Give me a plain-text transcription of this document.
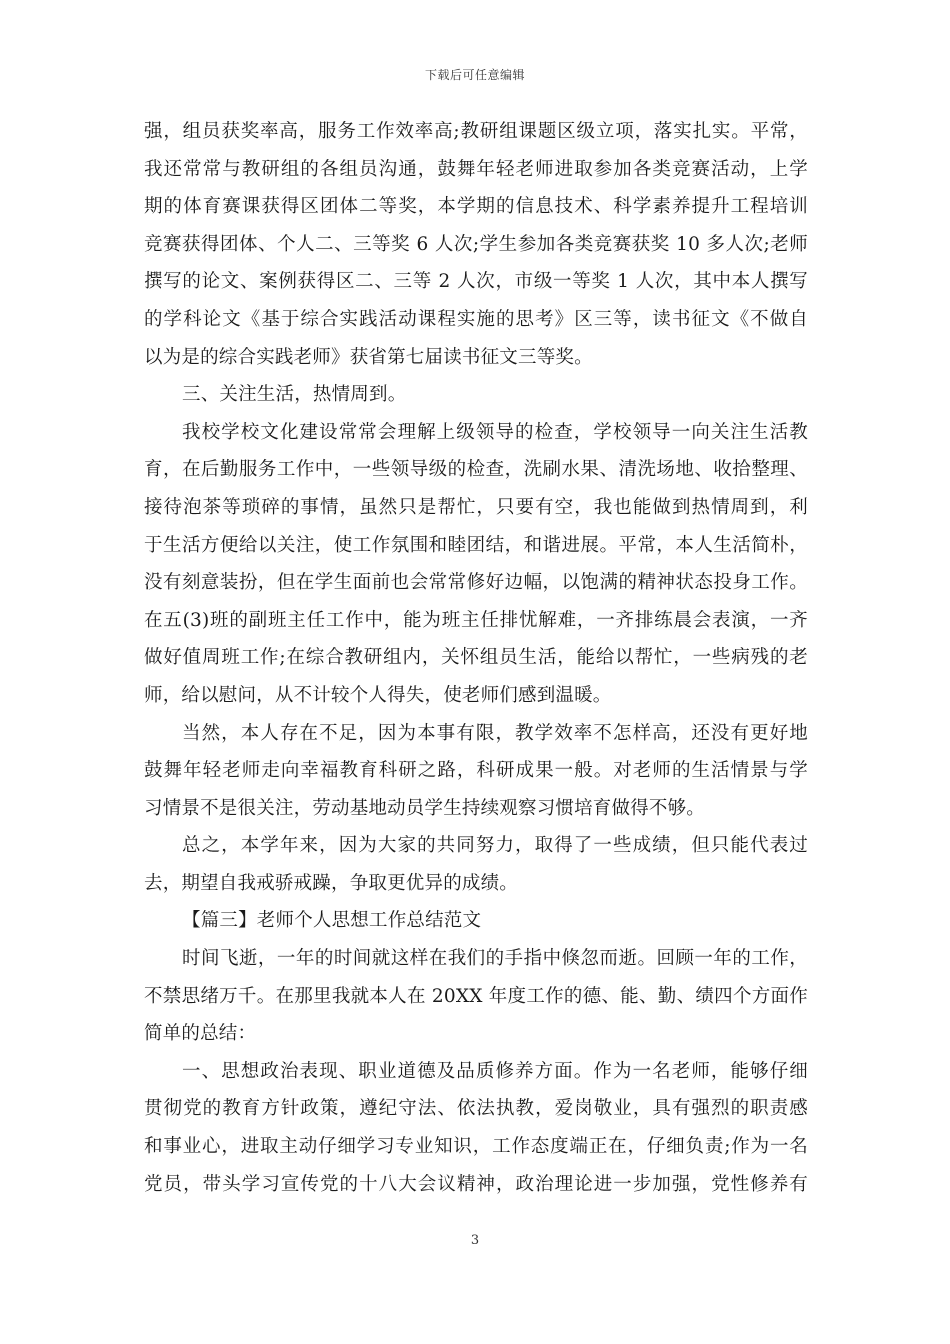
下载后可任意编辑
强，组员获奖率高，服务工作效率高;教研组课题区级立项，落实扎实。平常，
我还常常与教研组的各组员沟通，鼓舞年轻老师进取参加各类竞赛活动，上学
期的体育赛课获得区团体二等奖，本学期的信息技术、科学素养提升工程培训
竞赛获得团体、个人二、三等奖 6 人次;学生参加各类竞赛获奖 10 多人次;老师
撰写的论文、案例获得区二、三等 2 人次，市级一等奖 1 人次，其中本人撰写
的学科论文《基于综合实践活动课程实施的思考》区三等，读书征文《不做自
以为是的综合实践老师》获省第七届读书征文三等奖。
三、关注生活，热情周到。
我校学校文化建设常常会理解上级领导的检查，学校领导一向关注生活教
育，在后勤服务工作中，一些领导级的检查，洗刷水果、清洗场地、收拾整理、
接待泡茶等琐碎的事情，虽然只是帮忙，只要有空，我也能做到热情周到，利
于生活方便给以关注，使工作氛围和睦团结，和谐进展。平常，本人生活简朴，
没有刻意装扮，但在学生面前也会常常修好边幅，以饱满的精神状态投身工作。
在五(3)班的副班主任工作中，能为班主任排忧解难，一齐排练晨会表演，一齐
做好值周班工作;在综合教研组内，关怀组员生活，能给以帮忙，一些病残的老
师，给以慰问，从不计较个人得失，使老师们感到温暖。
当然，本人存在不足，因为本事有限，教学效率不怎样高，还没有更好地
鼓舞年轻老师走向幸福教育科研之路，科研成果一般。对老师的生活情景与学
习情景不是很关注，劳动基地动员学生持续观察习惯培育做得不够。
总之，本学年来，因为大家的共同努力，取得了一些成绩，但只能代表过
去，期望自我戒骄戒躁，争取更优异的成绩。
【篇三】老师个人思想工作总结范文
时间飞逝，一年的时间就这样在我们的手指中倏忽而逝。回顾一年的工作，
不禁思绪万千。在那里我就本人在 20XX 年度工作的德、能、勤、绩四个方面作
简单的总结：
一、思想政治表现、职业道德及品质修养方面。作为一名老师，能够仔细
贯彻党的教育方针政策，遵纪守法、依法执教，爱岗敬业，具有强烈的职责感
和事业心，进取主动仔细学习专业知识，工作态度端正在，仔细负责;作为一名
党员，带头学习宣传党的十八大会议精神，政治理论进一步加强，党性修养有
3
